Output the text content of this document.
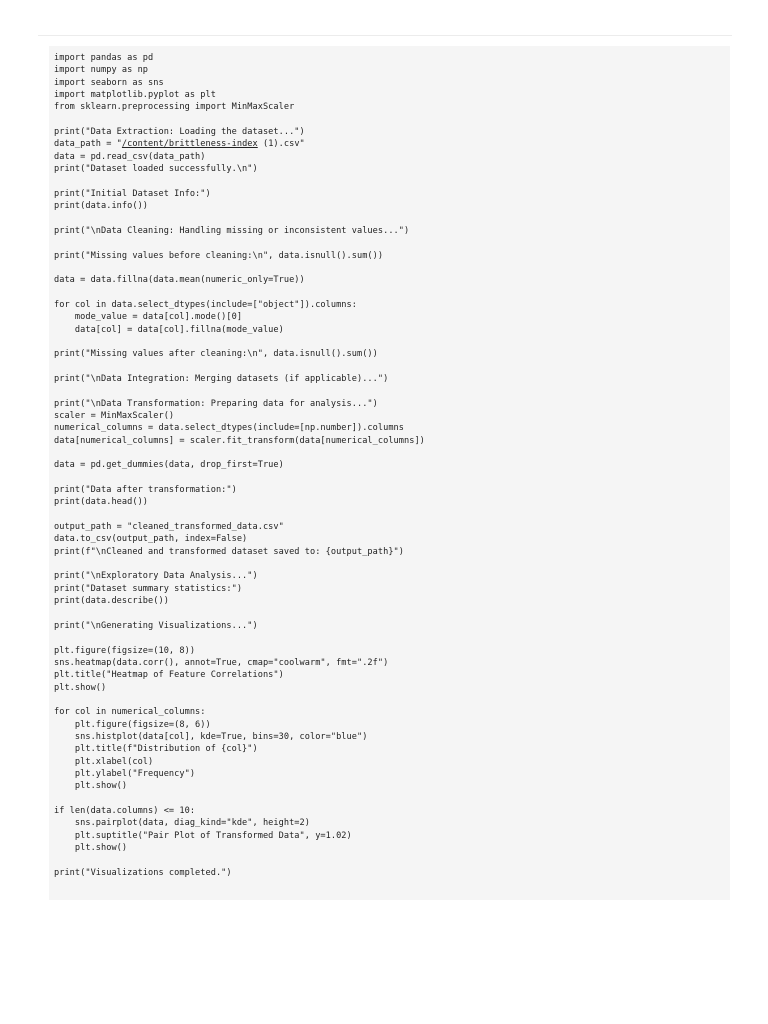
import pandas as pd
import numpy as np
import seaborn as sns
import matplotlib.pyplot as plt
from sklearn.preprocessing import MinMaxScaler
print("Data Extraction: Loading the dataset...")
data_path = "/content/brittleness-index (1).csv"
data = pd.read_csv(data_path)
print("Dataset loaded successfully.\n")
print("Initial Dataset Info:")
print(data.info())
print("\nData Cleaning: Handling missing or inconsistent values...")
print("Missing values before cleaning:\n", data.isnull().sum())
data = data.fillna(data.mean(numeric_only=True))
for col in data.select_dtypes(include=["object"]).columns:
mode_value = data[col].mode()[0]
data[col] = data[col].fillna(mode_value)
print("Missing values after cleaning:\n", data.isnull().sum())
print("\nData Integration: Merging datasets (if applicable)...")
print("\nData Transformation: Preparing data for analysis...")
scaler = MinMaxScaler()
numerical_columns = data.select_dtypes(include=[np.number]).columns
data[numerical_columns] = scaler.fit_transform(data[numerical_columns])
data = pd.get_dummies(data, drop_first=True)
print("Data after transformation:")
print(data.head())
output_path = "cleaned_transformed_data.csv"
data.to_csv(output_path, index=False)
print(f"\nCleaned and transformed dataset saved to: {output_path}")
print("\nExploratory Data Analysis...")
print("Dataset summary statistics:")
print(data.describe())
print("\nGenerating Visualizations...")
plt.figure(figsize=(10, 8))
sns.heatmap(data.corr(), annot=True, cmap="coolwarm", fmt=".2f")
plt.title("Heatmap of Feature Correlations")
plt.show()
for col in numerical_columns:
plt.figure(figsize=(8, 6))
sns.histplot(data[col], kde=True, bins=30, color="blue")
plt.title(f"Distribution of {col}")
plt.xlabel(col)
plt.ylabel("Frequency")
plt.show()
if len(data.columns) <= 10:
sns.pairplot(data, diag_kind="kde", height=2)
plt.suptitle("Pair Plot of Transformed Data", y=1.02)
plt.show()
print("Visualizations completed.")
